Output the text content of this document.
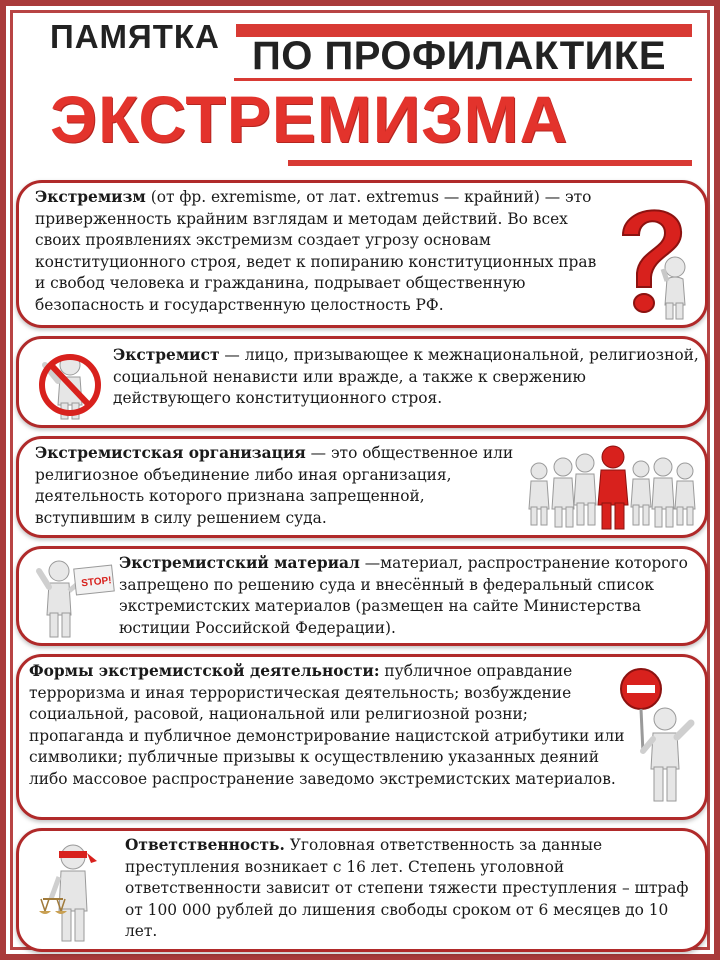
ПАМЯТКА ПО ПРОФИЛАКТИКЕ
ЭКСТРЕМИЗМА

Экстремизм (от фр. exremisme, от лат. extremus — крайний) — это приверженность крайним взглядам и методам действий. Во всех своих проявлениях экстремизм создает угрозу основам конституционного строя, ведет к попиранию конституционных прав и свобод человека и гражданина, подрывает общественную безопасность и государственную целостность РФ.

Экстремист — лицо, призывающее к межнациональной, религиозной, социальной ненависти или вражде, а также к свержению действующего конституционного строя.

Экстремистская организация — это общественное или религиозное объединение либо иная организация, деятельность которого признана запрещенной, вступившим в силу решением суда.

STOP!

Экстремистский материал —материал, распространение которого запрещено по решению суда и внесённый в федеральный список экстремистских материалов (размещен на сайте Министерства юстиции Российской Федерации).

Формы экстремистской деятельности: публичное оправдание терроризма и иная террористическая деятельность; возбуждение социальной, расовой, национальной или религиозной розни; пропаганда и публичное демонстрирование нацистской атрибутики или символики; публичные призывы к осуществлению указанных деяний либо массовое распространение заведомо экстремистских материалов.

Ответственность. Уголовная ответственность за данные преступления возникает с 16 лет. Степень уголовной ответственности зависит от степени тяжести преступления – штраф от 100 000 рублей до лишения свободы сроком от 6 месяцев до 10 лет.
